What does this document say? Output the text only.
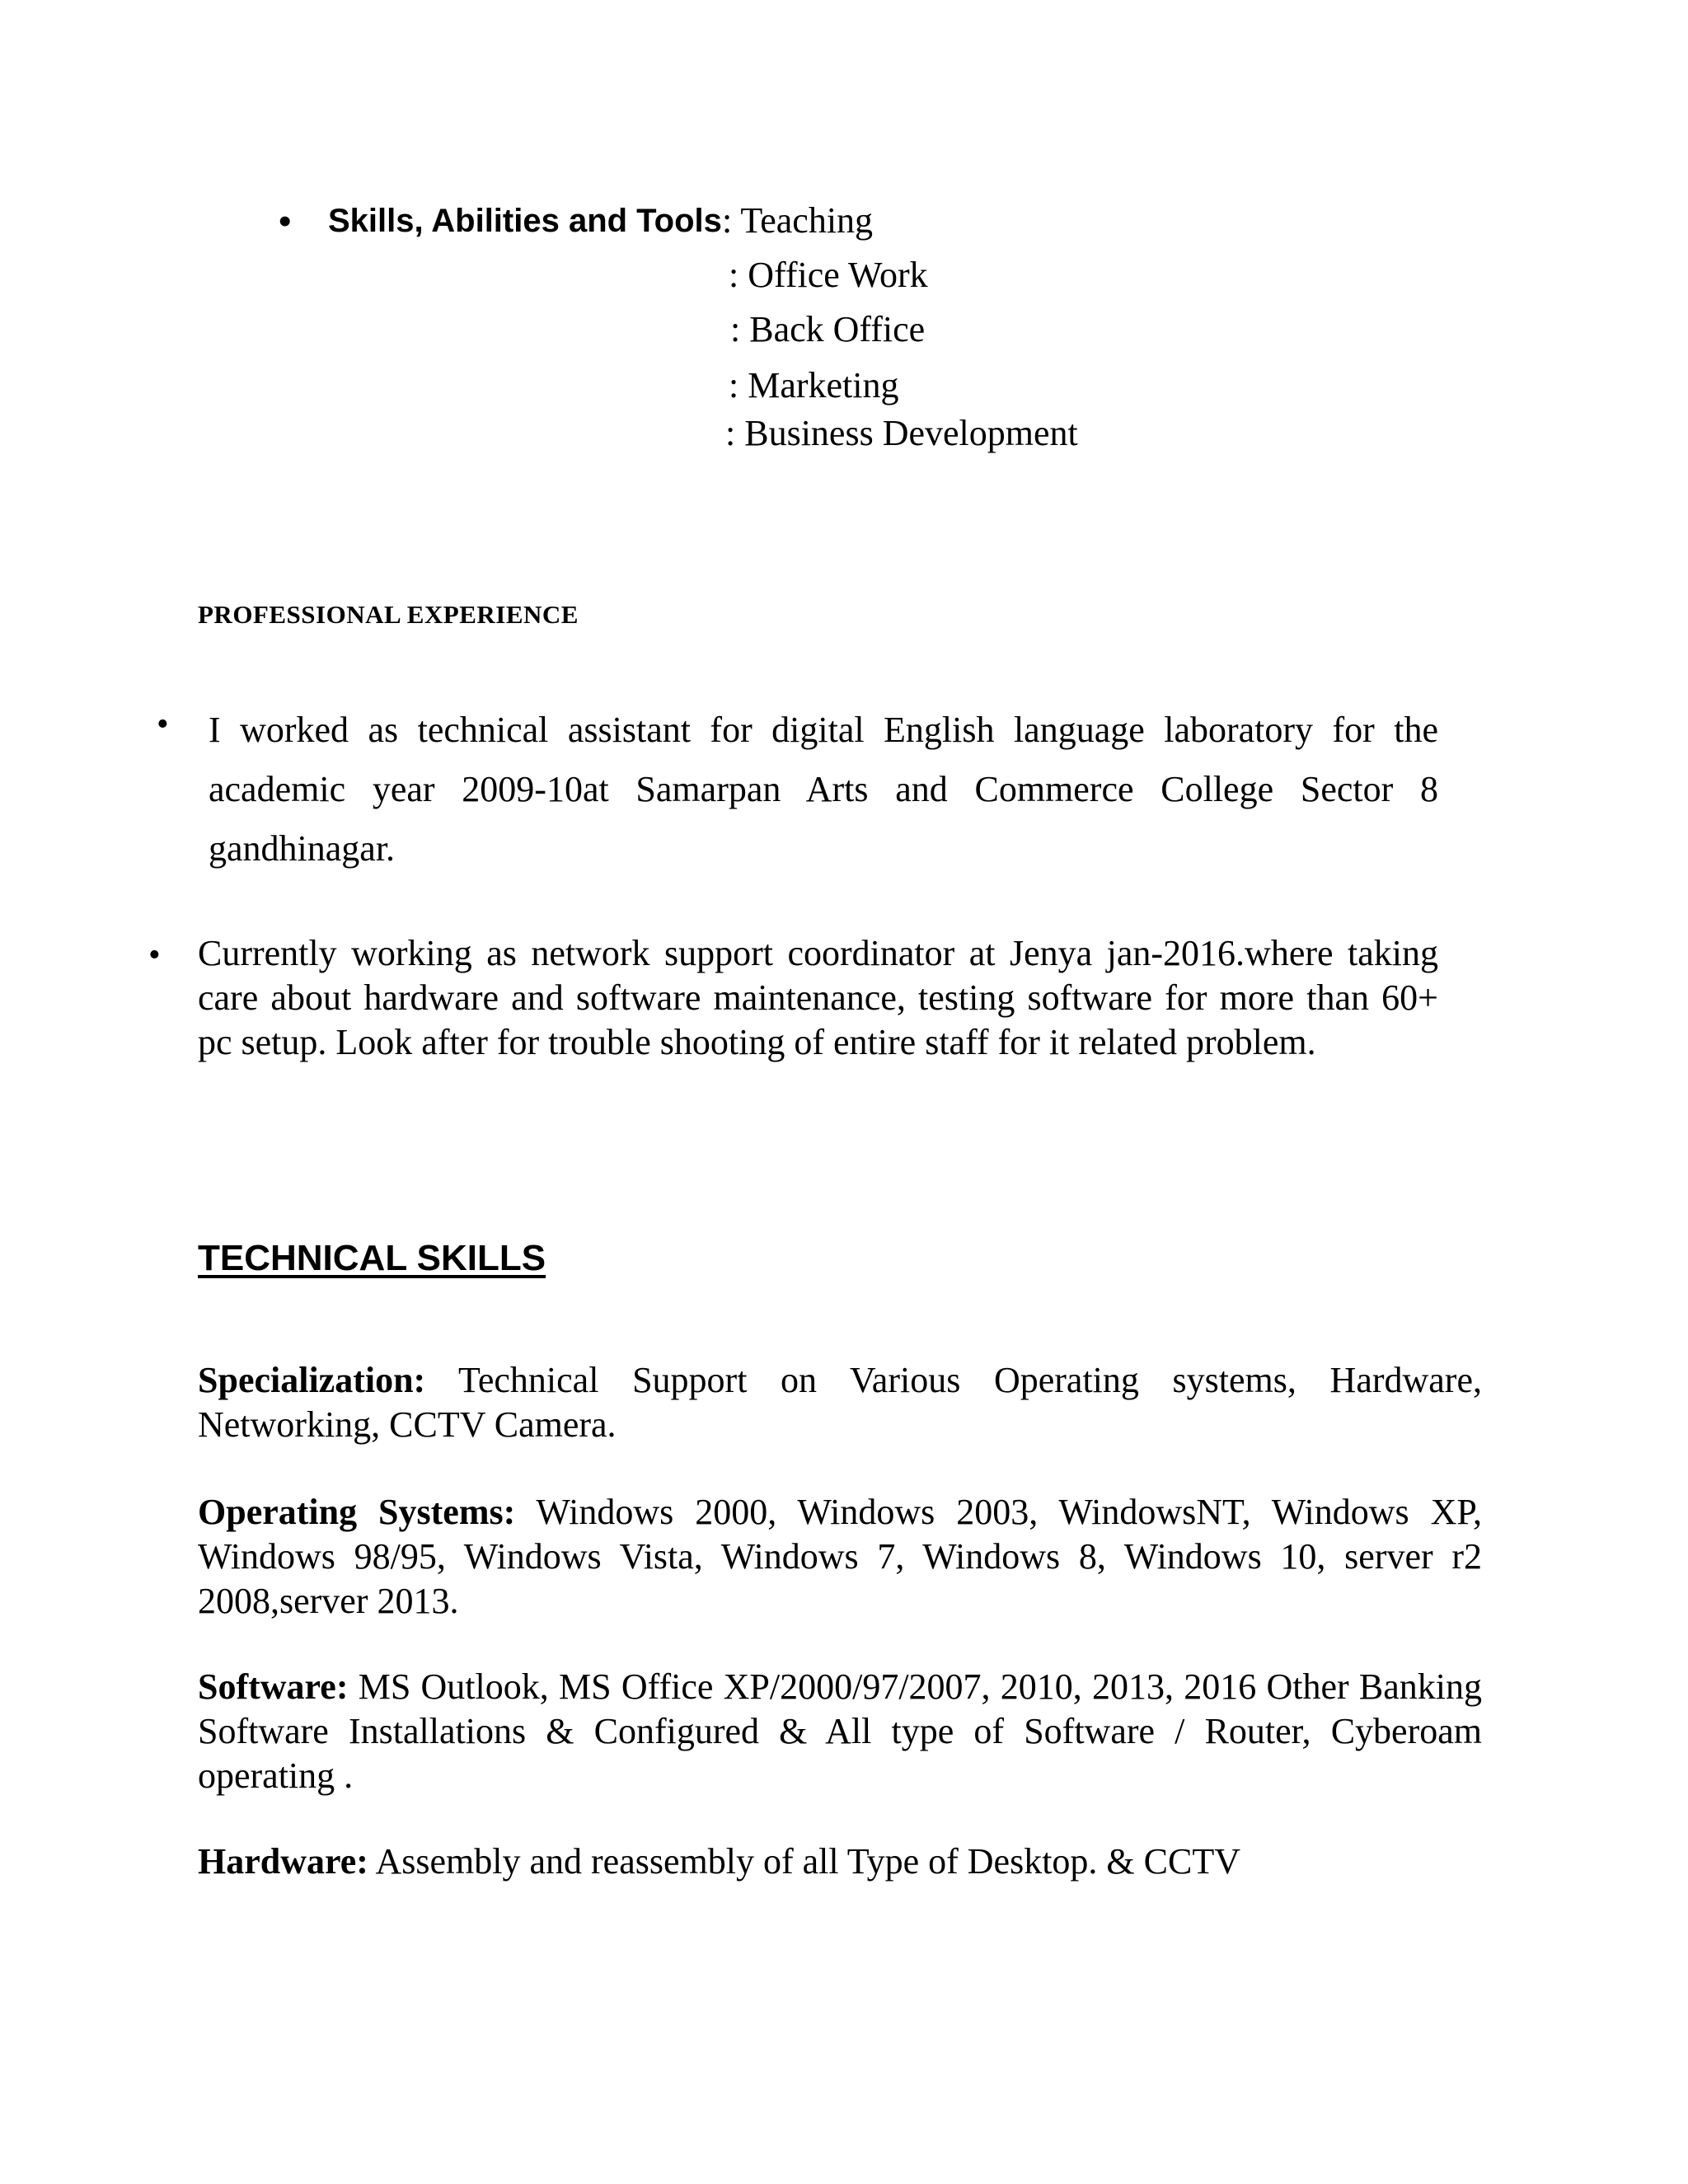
• Skills, Abilities and Tools : Teaching
: Office Work
: Back Office
: Marketing
: Business Development
PROFESSIONAL EXPERIENCE
• I worked as technical assistant for digital English language laboratory for the academic year 2009-10at Samarpan Arts and Commerce College Sector 8 gandhinagar.
• Currently working as network support coordinator at Jenya jan-2016.where taking care about hardware and software maintenance, testing software for more than 60+ pc setup. Look after for trouble shooting of entire staff for it related problem.
TECHNICAL SKILLS
Specialization: Technical Support on Various Operating systems, Hardware, Networking, CCTV Camera.
Operating Systems: Windows 2000, Windows 2003, WindowsNT, Windows XP, Windows 98/95, Windows Vista, Windows 7, Windows 8, Windows 10, server r2 2008,server 2013.
Software: MS Outlook, MS Office XP/2000/97/2007, 2010, 2013, 2016 Other Banking Software Installations & Configured & All type of Software / Router, Cyberoam operating .
Hardware: Assembly and reassembly of all Type of Desktop. & CCTV
